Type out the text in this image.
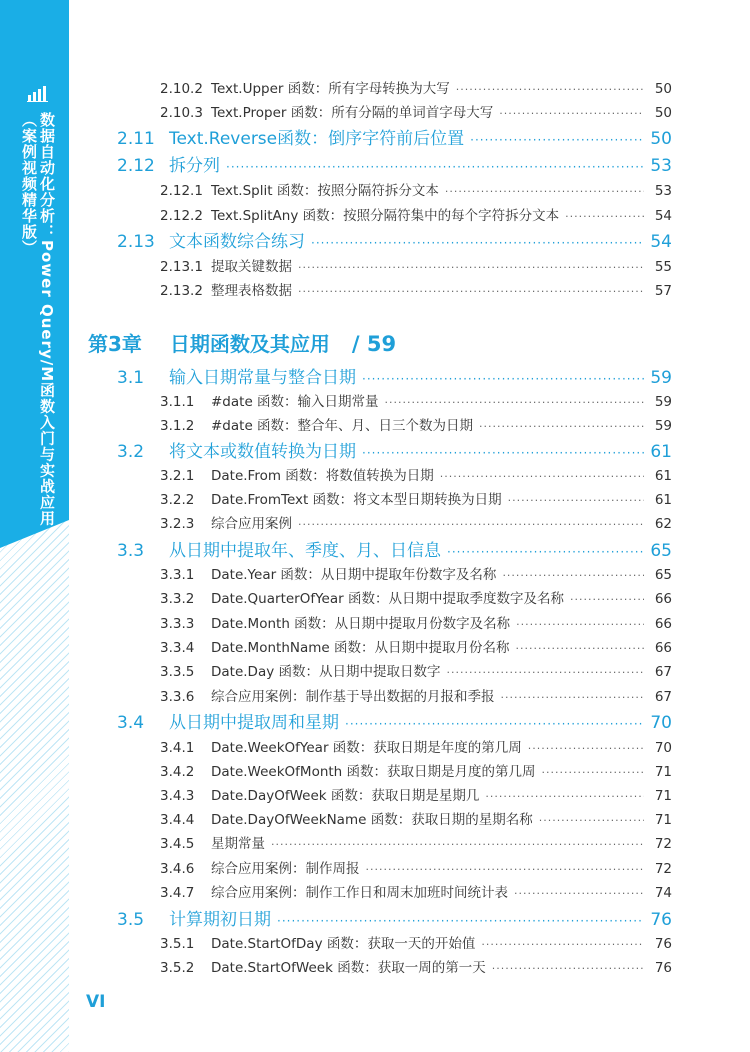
数据自动化分析：Power Query/M函数入门与实战应用
（案例视频精华版）
2.10.2 Text.Upper 函数：所有字母转换为大写 ·····	50
2.10.3 Text.Proper 函数：所有分隔的单词首字母大写 ·····	50
2.11 Text.Reverse函数：倒序字符前后位置 ·····	50
2.12 拆分列 ·····	53
2.12.1 Text.Split 函数：按照分隔符拆分文本 ·····	53
2.12.2 Text.SplitAny 函数：按照分隔符集中的每个字符拆分文本 ·····	54
2.13 文本函数综合练习 ·····	54
2.13.1 提取关键数据 ·····	55
2.13.2 整理表格数据 ·····	57
第3章 日期函数及其应用 / 59
3.1	输入日期常量与整合日期 ·····	59
3.1.1	#date 函数：输入日期常量 ·····	59
3.1.2	#date 函数：整合年、月、日三个数为日期 ·····	59
3.2	将文本或数值转换为日期 ·····	61
3.2.1	Date.From 函数：将数值转换为日期 ·····	61
3.2.2	Date.FromText 函数：将文本型日期转换为日期 ·····	61
3.2.3	综合应用案例 ·····	62
3.3	从日期中提取年、季度、月、日信息 ·····	65
3.3.1	Date.Year 函数：从日期中提取年份数字及名称 ·····	65
3.3.2	Date.QuarterOfYear 函数：从日期中提取季度数字及名称 ·····	66
3.3.3	Date.Month 函数：从日期中提取月份数字及名称 ·····	66
3.3.4	Date.MonthName 函数：从日期中提取月份名称 ·····	66
3.3.5	Date.Day 函数：从日期中提取日数字 ·····	67
3.3.6	综合应用案例：制作基于导出数据的月报和季报 ·····	67
3.4	从日期中提取周和星期 ·····	70
3.4.1	Date.WeekOfYear 函数：获取日期是年度的第几周 ·····	70
3.4.2	Date.WeekOfMonth 函数：获取日期是月度的第几周 ·····	71
3.4.3	Date.DayOfWeek 函数：获取日期是星期几 ·····	71
3.4.4	Date.DayOfWeekName 函数：获取日期的星期名称 ·····	71
3.4.5	星期常量 ·····	72
3.4.6	综合应用案例：制作周报 ·····	72
3.4.7	综合应用案例：制作工作日和周末加班时间统计表 ·····	74
3.5	计算期初日期 ·····	76
3.5.1	Date.StartOfDay 函数：获取一天的开始值 ·····	76
3.5.2	Date.StartOfWeek 函数：获取一周的第一天 ·····	76
VI
